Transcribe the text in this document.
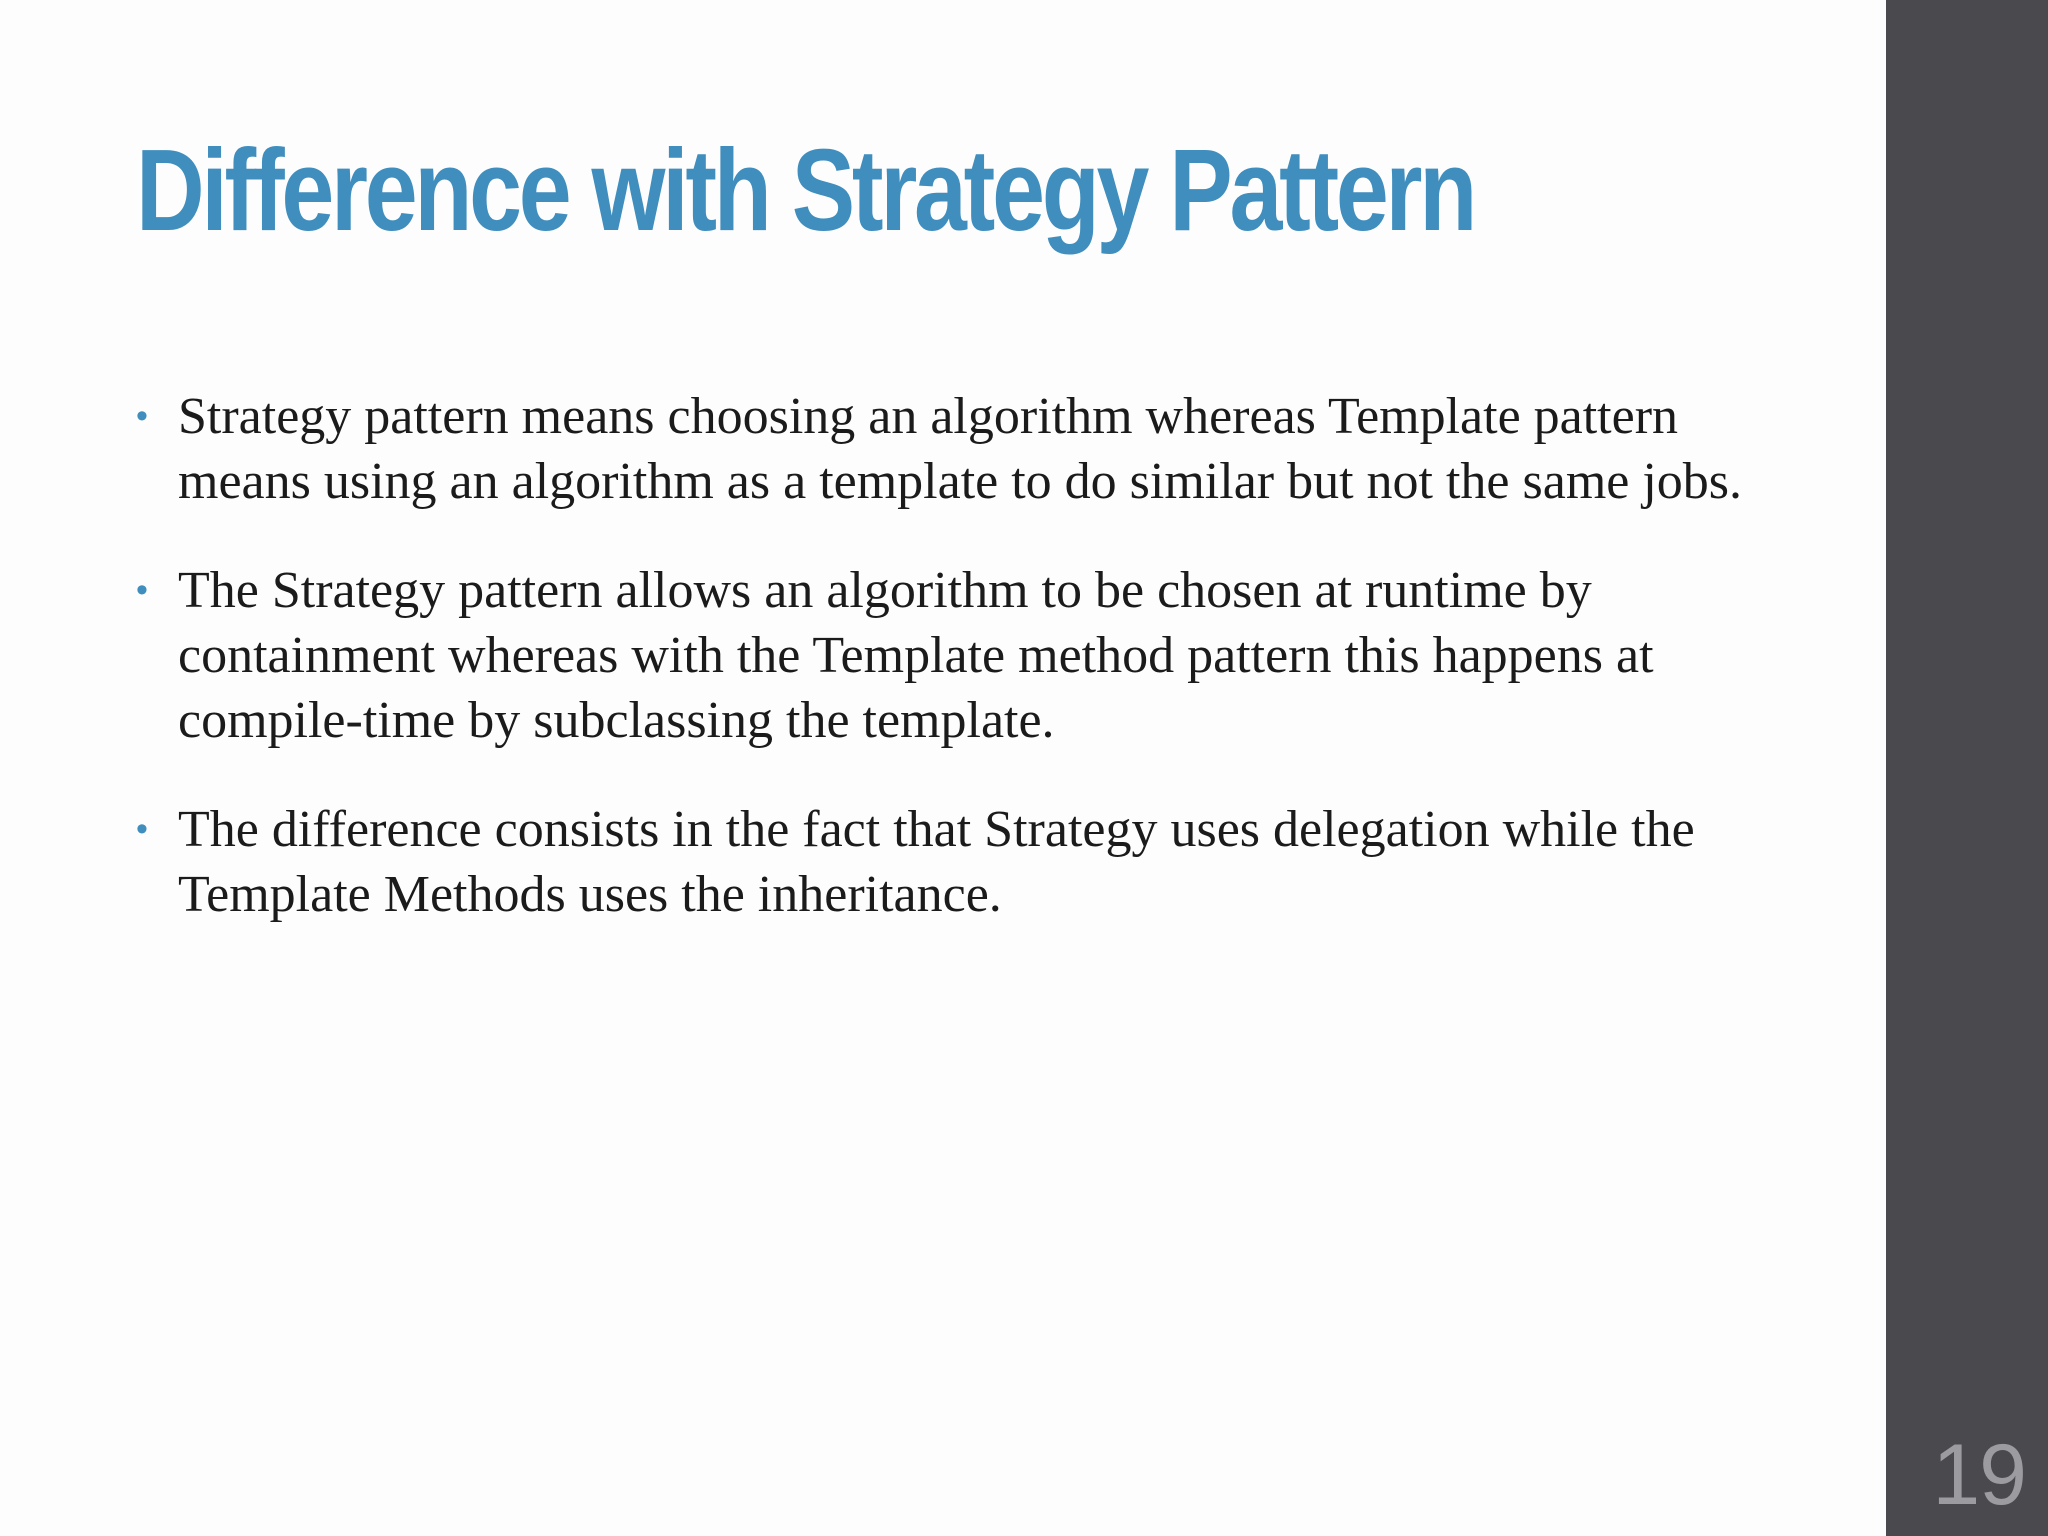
Difference with Strategy Pattern
• Strategy pattern means choosing an algorithm whereas Template pattern means using an algorithm as a template to do similar but not the same jobs.
• The Strategy pattern allows an algorithm to be chosen at runtime by containment whereas with the Template method pattern this happens at compile-time by subclassing the template.
• The difference consists in the fact that Strategy uses delegation while the Template Methods uses the inheritance.
19
